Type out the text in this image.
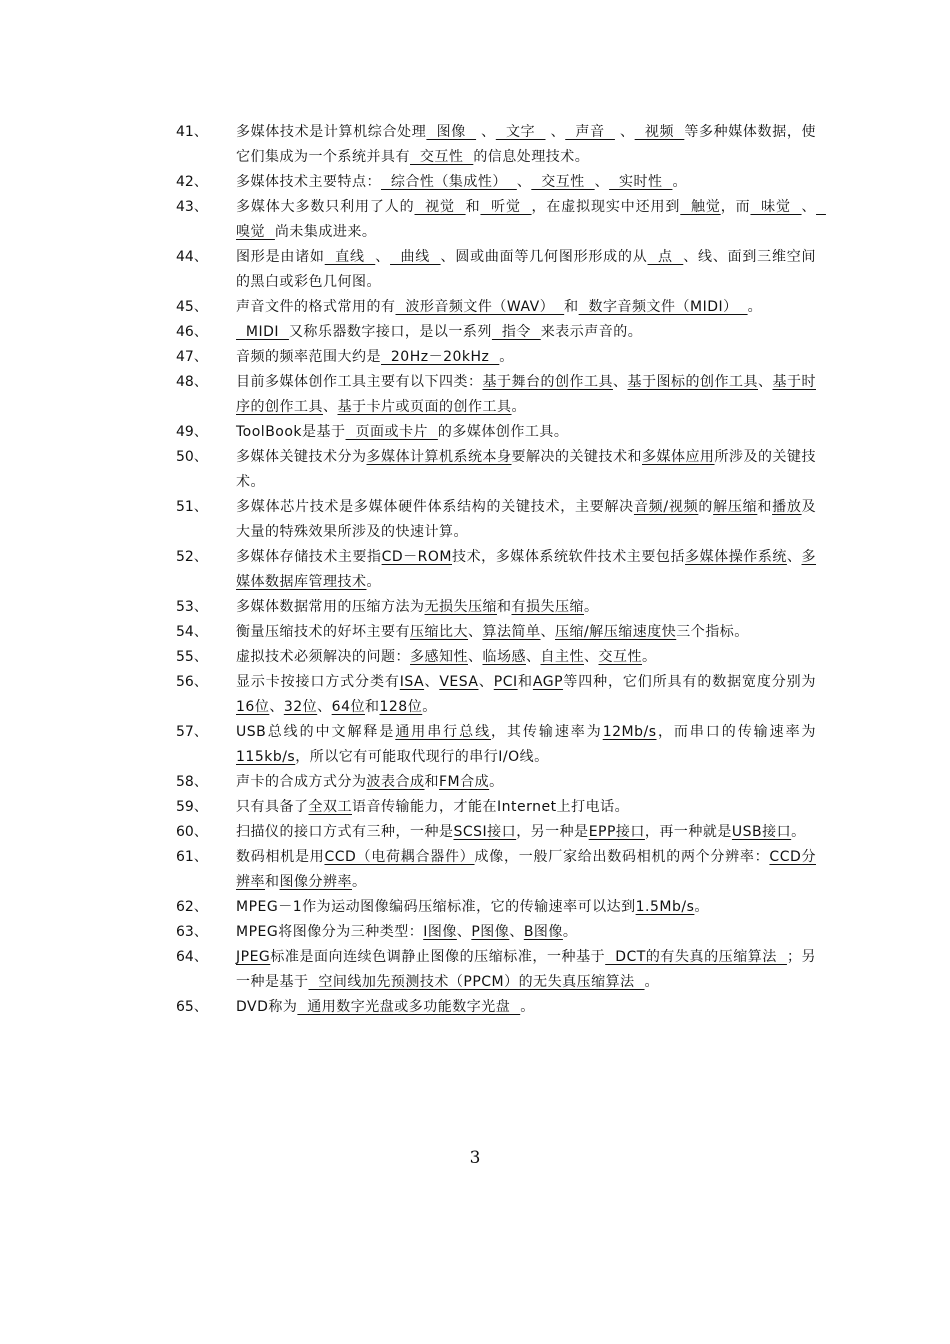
41、	多媒体技术是计算机综合处理  图像   、  文字   、  声音   、  视频  等多种媒体数据，使它们集成为一个系统并具有  交互性  的信息处理技术。
42、	多媒体技术主要特点：  综合性（集成性）  、  交互性  、  实时性  。
43、	多媒体大多数只利用了人的  视觉  和  听觉  ，在虚拟现实中还用到  触觉，而  味觉  、  嗅觉  尚未集成进来。
44、	图形是由诸如  直线  、  曲线  、圆或曲面等几何图形形成的从  点  、线、面到三维空间的黑白或彩色几何图。
45、	声音文件的格式常用的有  波形音频文件（WAV）  和  数字音频文件（MIDI）  。
46、	MIDI  又称乐器数字接口，是以一系列  指令  来表示声音的。
47、	音频的频率范围大约是  20Hz－20kHz  。
48、	目前多媒体创作工具主要有以下四类：基于舞台的创作工具、基于图标的创作工具、基于时序的创作工具、基于卡片或页面的创作工具。
49、	ToolBook是基于  页面或卡片  的多媒体创作工具。
50、	多媒体关键技术分为多媒体计算机系统本身要解决的关键技术和多媒体应用所涉及的关键技术。
51、	多媒体芯片技术是多媒体硬件体系结构的关键技术，主要解决音频/视频的解压缩和播放及大量的特殊效果所涉及的快速计算。
52、	多媒体存储技术主要指CD－ROM技术，多媒体系统软件技术主要包括多媒体操作系统、多媒体数据库管理技术。
53、	多媒体数据常用的压缩方法为无损失压缩和有损失压缩。
54、	衡量压缩技术的好坏主要有压缩比大、算法简单、压缩/解压缩速度快三个指标。
55、	虚拟技术必须解决的问题：多感知性、临场感、自主性、交互性。
56、	显示卡按接口方式分类有ISA、VESA、PCI和AGP等四种，它们所具有的数据宽度分别为16位、32位、64位和128位。
57、	USB总线的中文解释是通用串行总线，其传输速率为12Mb/s，而串口的传输速率为115kb/s，所以它有可能取代现行的串行I/O线。
58、	声卡的合成方式分为波表合成和FM合成。
59、	只有具备了全双工语音传输能力，才能在Internet上打电话。
60、	扫描仪的接口方式有三种，一种是SCSI接口，另一种是EPP接口，再一种就是USB接口。
61、	数码相机是用CCD（电荷耦合器件）成像，一般厂家给出数码相机的两个分辨率：CCD分辨率和图像分辨率。
62、	MPEG－1作为运动图像编码压缩标准，它的传输速率可以达到1.5Mb/s。
63、	MPEG将图像分为三种类型：I图像、P图像、B图像。
64、	JPEG标准是面向连续色调静止图像的压缩标准，一种基于  DCT的有失真的压缩算法  ；另一种是基于  空间线加先预测技术（PPCM）的无失真压缩算法  。
65、	DVD称为  通用数字光盘或多功能数字光盘  。
3
